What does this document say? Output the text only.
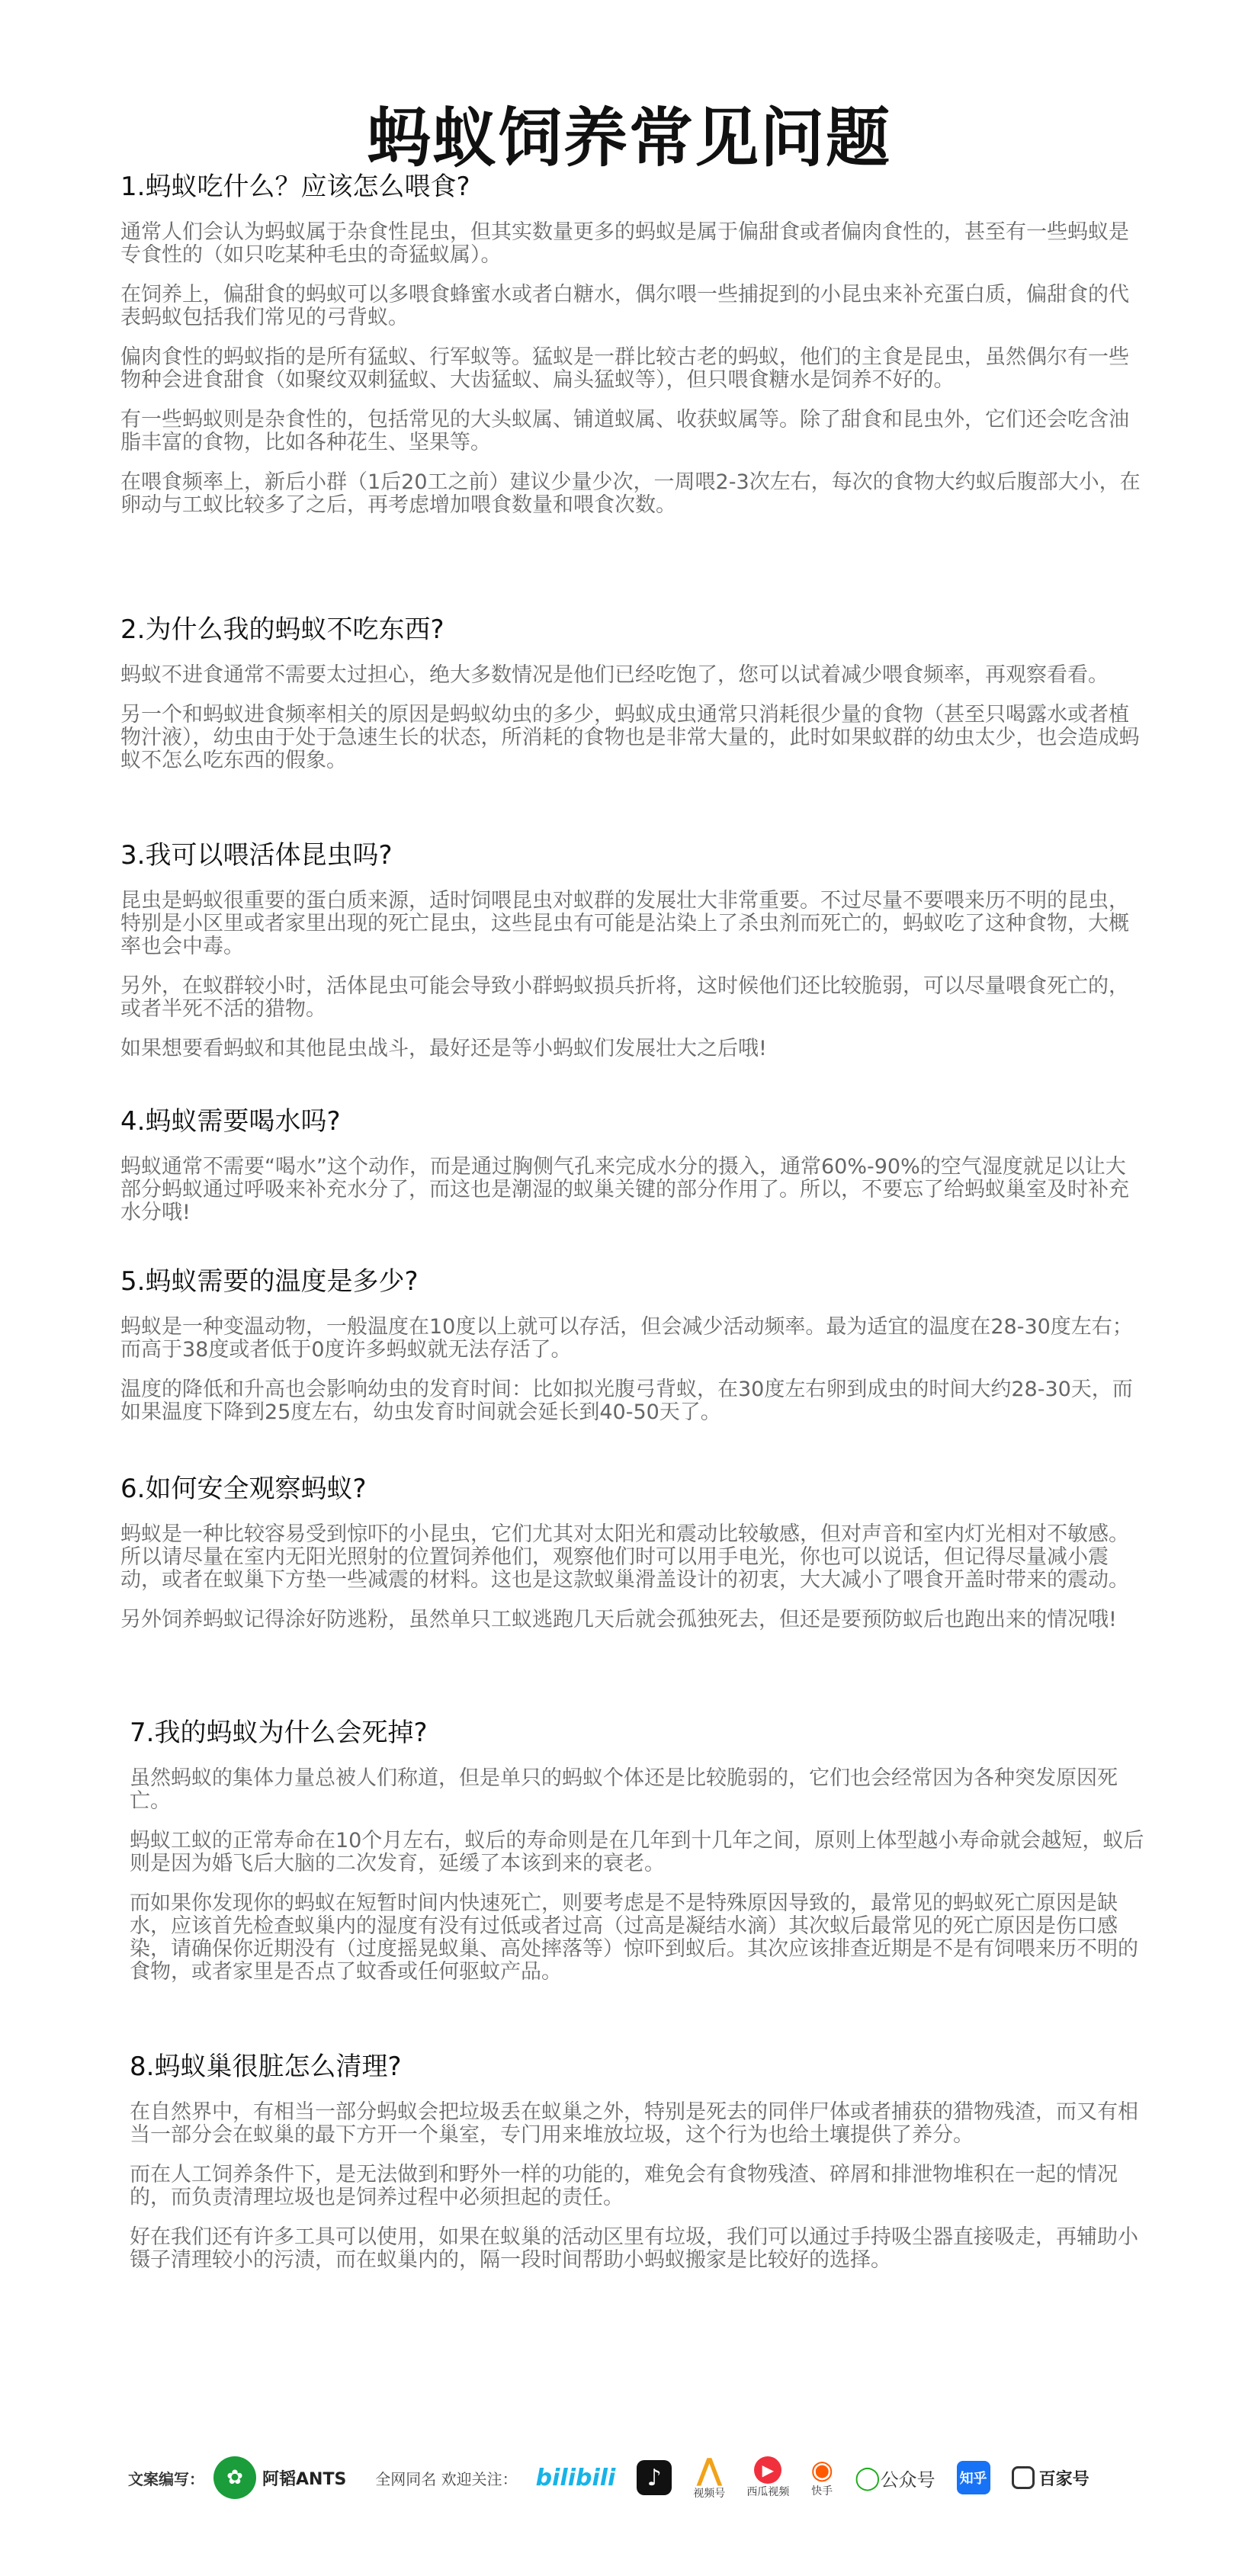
蚂蚁饲养常见问题
1.蚂蚁吃什么？应该怎么喂食?

通常人们会认为蚂蚁属于杂食性昆虫，但其实数量更多的蚂蚁是属于偏甜食或者偏肉食性的，甚至有一些蚂蚁是专食性的（如只吃某种毛虫的奇猛蚁属）。

在饲养上，偏甜食的蚂蚁可以多喂食蜂蜜水或者白糖水，偶尔喂一些捕捉到的小昆虫来补充蛋白质，偏甜食的代表蚂蚁包括我们常见的弓背蚁。

偏肉食性的蚂蚁指的是所有猛蚁、行军蚁等。猛蚁是一群比较古老的蚂蚁，他们的主食是昆虫，虽然偶尔有一些物种会进食甜食（如聚纹双刺猛蚁、大齿猛蚁、扁头猛蚁等），但只喂食糖水是饲养不好的。

有一些蚂蚁则是杂食性的，包括常见的大头蚁属、铺道蚁属、收获蚁属等。除了甜食和昆虫外，它们还会吃含油脂丰富的食物，比如各种花生、坚果等。

在喂食频率上，新后小群（1后20工之前）建议少量少次，一周喂2-3次左右，每次的食物大约蚁后腹部大小，在卵动与工蚁比较多了之后，再考虑增加喂食数量和喂食次数。

2.为什么我的蚂蚁不吃东西?

蚂蚁不进食通常不需要太过担心，绝大多数情况是他们已经吃饱了，您可以试着减少喂食频率，再观察看看。

另一个和蚂蚁进食频率相关的原因是蚂蚁幼虫的多少，蚂蚁成虫通常只消耗很少量的食物（甚至只喝露水或者植物汁液），幼虫由于处于急速生长的状态，所消耗的食物也是非常大量的，此时如果蚁群的幼虫太少，也会造成蚂蚁不怎么吃东西的假象。

3.我可以喂活体昆虫吗?

昆虫是蚂蚁很重要的蛋白质来源，适时饲喂昆虫对蚁群的发展壮大非常重要。不过尽量不要喂来历不明的昆虫，特别是小区里或者家里出现的死亡昆虫，这些昆虫有可能是沾染上了杀虫剂而死亡的，蚂蚁吃了这种食物，大概率也会中毒。

另外，在蚁群较小时，活体昆虫可能会导致小群蚂蚁损兵折将，这时候他们还比较脆弱，可以尽量喂食死亡的，或者半死不活的猎物。

如果想要看蚂蚁和其他昆虫战斗，最好还是等小蚂蚁们发展壮大之后哦!

4.蚂蚁需要喝水吗?

蚂蚁通常不需要“喝水”这个动作，而是通过胸侧气孔来完成水分的摄入，通常60%-90%的空气湿度就足以让大部分蚂蚁通过呼吸来补充水分了，而这也是潮湿的蚁巢关键的部分作用了。所以，不要忘了给蚂蚁巢室及时补充水分哦!

5.蚂蚁需要的温度是多少?

蚂蚁是一种变温动物，一般温度在10度以上就可以存活，但会减少活动频率。最为适宜的温度在28-30度左右；而高于38度或者低于0度许多蚂蚁就无法存活了。

温度的降低和升高也会影响幼虫的发育时间：比如拟光腹弓背蚁，在30度左右卵到成虫的时间大约28-30天，而如果温度下降到25度左右，幼虫发育时间就会延长到40-50天了。

6.如何安全观察蚂蚁?

蚂蚁是一种比较容易受到惊吓的小昆虫，它们尤其对太阳光和震动比较敏感，但对声音和室内灯光相对不敏感。所以请尽量在室内无阳光照射的位置饲养他们，观察他们时可以用手电光，你也可以说话，但记得尽量减小震动，或者在蚁巢下方垫一些减震的材料。这也是这款蚁巢滑盖设计的初衷，大大减小了喂食开盖时带来的震动。

另外饲养蚂蚁记得涂好防逃粉，虽然单只工蚁逃跑几天后就会孤独死去，但还是要预防蚁后也跑出来的情况哦!

7.我的蚂蚁为什么会死掉?

虽然蚂蚁的集体力量总被人们称道，但是单只的蚂蚁个体还是比较脆弱的，它们也会经常因为各种突发原因死亡。

蚂蚁工蚁的正常寿命在10个月左右，蚁后的寿命则是在几年到十几年之间，原则上体型越小寿命就会越短，蚁后则是因为婚飞后大脑的二次发育，延缓了本该到来的衰老。

而如果你发现你的蚂蚁在短暂时间内快速死亡，则要考虑是不是特殊原因导致的，最常见的蚂蚁死亡原因是缺水，应该首先检查蚁巢内的湿度有没有过低或者过高（过高是凝结水滴）其次蚁后最常见的死亡原因是伤口感染，请确保你近期没有（过度摇晃蚁巢、高处摔落等）惊吓到蚁后。其次应该排查近期是不是有饲喂来历不明的食物，或者家里是否点了蚊香或任何驱蚊产品。

8.蚂蚁巢很脏怎么清理?

在自然界中，有相当一部分蚂蚁会把垃圾丢在蚁巢之外，特别是死去的同伴尸体或者捕获的猎物残渣，而又有相当一部分会在蚁巢的最下方开一个巢室，专门用来堆放垃圾，这个行为也给土壤提供了养分。

而在人工饲养条件下，是无法做到和野外一样的功能的，难免会有食物残渣、碎屑和排泄物堆积在一起的情况的，而负责清理垃圾也是饲养过程中必须担起的责任。

好在我们还有许多工具可以使用，如果在蚁巢的活动区里有垃圾，我们可以通过手持吸尘器直接吸走，再辅助小镊子清理较小的污渍，而在蚁巢内的，隔一段时间帮助小蚂蚁搬家是比较好的选择。

文案编写：	✿	阿韬ANTS 全网同名 欢迎关注： bilibili	♪	⋀
视频号
▶
西瓜视频
◉
快手
◯ 公众号 知乎	百家号
